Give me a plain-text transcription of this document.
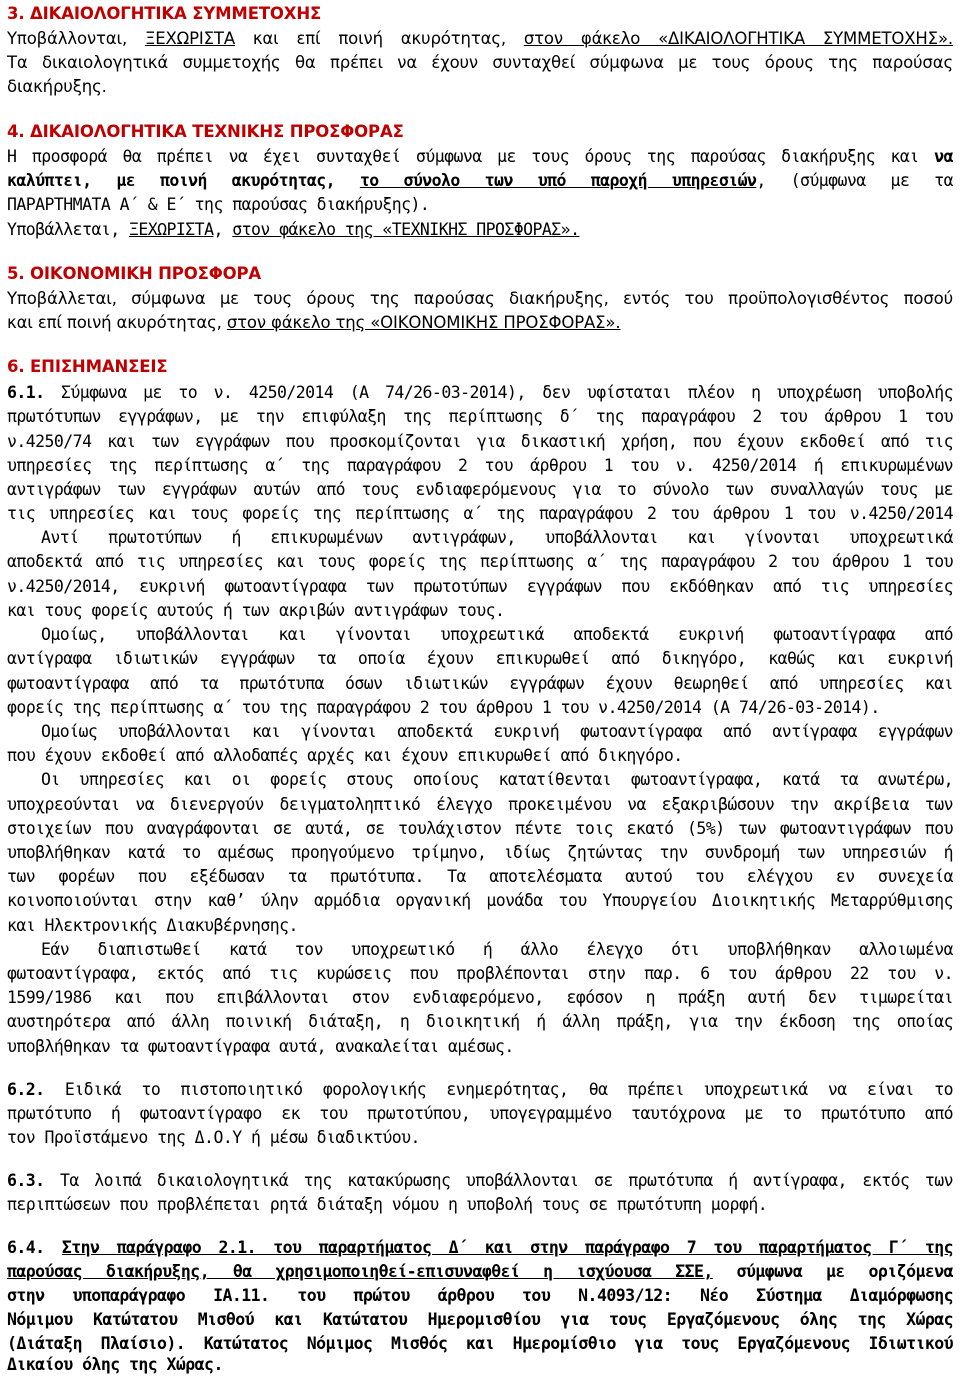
3. ΔΙΚΑΙΟΛΟΓΗΤΙΚΑ ΣΥΜΜΕΤΟΧΗΣ
Υποβάλλονται, ΞΕΧΩΡΙΣΤΑ και επί ποινή ακυρότητας, στον φάκελο «ΔΙΚΑΙΟΛΟΓΗΤΙΚΑ ΣΥΜΜΕΤΟΧΗΣ».
Τα δικαιολογητικά συμμετοχής θα πρέπει να έχουν συνταχθεί σύμφωνα με τους όρους της παρούσας
διακήρυξης.
4. ΔΙΚΑΙΟΛΟΓΗΤΙΚΑ ΤΕΧΝΙΚΗΣ ΠΡΟΣΦΟΡΑΣ
Η προσφορά θα πρέπει να έχει συνταχθεί σύμφωνα με τους όρους της παρούσας διακήρυξης και να
καλύπτει, με ποινή ακυρότητας, το σύνολο των υπό παροχή υπηρεσιών, (σύμφωνα με τα
ΠΑΡΑΡΤΗΜΑΤΑ Α΄ & Ε΄ της παρούσας διακήρυξης).
Υποβάλλεται, ΞΕΧΩΡΙΣΤΑ, στον φάκελο της «ΤΕΧΝΙΚΗΣ ΠΡΟΣΦΟΡΑΣ».
5. ΟΙΚΟΝΟΜΙΚΗ ΠΡΟΣΦΟΡΑ
Υποβάλλεται, σύμφωνα με τους όρους της παρούσας διακήρυξης, εντός του προϋπολογισθέντος ποσού
και επί ποινή ακυρότητας, στον φάκελο της «ΟΙΚΟΝΟΜΙΚΗΣ ΠΡΟΣΦΟΡΑΣ».
6. ΕΠΙΣΗΜΑΝΣΕΙΣ
6.1. Σύμφωνα με το ν. 4250/2014 (Α 74/26-03-2014), δεν υφίσταται πλέον η υποχρέωση υποβολής
πρωτότυπων εγγράφων, με την επιφύλαξη της περίπτωσης δ΄ της παραγράφου 2 του άρθρου 1 του
ν.4250/74 και των εγγράφων που προσκομίζονται για δικαστική χρήση, που έχουν εκδοθεί από τις
υπηρεσίες της περίπτωσης α΄ της παραγράφου 2 του άρθρου 1 του ν. 4250/2014 ή επικυρωμένων
αντιγράφων των εγγράφων αυτών από τους ενδιαφερόμενους για το σύνολο των συναλλαγών τους με
τις υπηρεσίες και τους φορείς της περίπτωσης α΄ της παραγράφου 2 του άρθρου 1 του ν.4250/2014
Αντί πρωτοτύπων ή επικυρωμένων αντιγράφων, υποβάλλονται και γίνονται υποχρεωτικά
αποδεκτά από τις υπηρεσίες και τους φορείς της περίπτωσης α΄ της παραγράφου 2 του άρθρου 1 του
ν.4250/2014, ευκρινή φωτοαντίγραφα των πρωτοτύπων εγγράφων που εκδόθηκαν από τις υπηρεσίες
και τους φορείς αυτούς ή των ακριβών αντιγράφων τους.
Ομοίως, υποβάλλονται και γίνονται υποχρεωτικά αποδεκτά ευκρινή φωτοαντίγραφα από
αντίγραφα ιδιωτικών εγγράφων τα οποία έχουν επικυρωθεί από δικηγόρο, καθώς και ευκρινή
φωτοαντίγραφα από τα πρωτότυπα όσων ιδιωτικών εγγράφων έχουν θεωρηθεί από υπηρεσίες και
φορείς της περίπτωσης α΄ του της παραγράφου 2 του άρθρου 1 του ν.4250/2014 (Α 74/26-03-2014).
Ομοίως υποβάλλονται και γίνονται αποδεκτά ευκρινή φωτοαντίγραφα από αντίγραφα εγγράφων
που έχουν εκδοθεί από αλλοδαπές αρχές και έχουν επικυρωθεί από δικηγόρο.
Οι υπηρεσίες και οι φορείς στους οποίους κατατίθενται φωτοαντίγραφα, κατά τα ανωτέρω,
υποχρεούνται να διενεργούν δειγματοληπτικό έλεγχο προκειμένου να εξακριβώσουν την ακρίβεια των
στοιχείων που αναγράφονται σε αυτά, σε τουλάχιστον πέντε τοις εκατό (5%) των φωτοαντιγράφων που
υποβλήθηκαν κατά το αμέσως προηγούμενο τρίμηνο, ιδίως ζητώντας την συνδρομή των υπηρεσιών ή
των φορέων που εξέδωσαν τα πρωτότυπα. Τα αποτελέσματα αυτού του ελέγχου εν συνεχεία
κοινοποιούνται στην καθ’ ύλην αρμόδια οργανική μονάδα του Υπουργείου Διοικητικής Μεταρρύθμισης
και Ηλεκτρονικής Διακυβέρνησης.
Εάν διαπιστωθεί κατά τον υποχρεωτικό ή άλλο έλεγχο ότι υποβλήθηκαν αλλοιωμένα
φωτοαντίγραφα, εκτός από τις κυρώσεις που προβλέπονται στην παρ. 6 του άρθρου 22 του ν.
1599/1986 και που επιβάλλονται στον ενδιαφερόμενο, εφόσον η πράξη αυτή δεν τιμωρείται
αυστηρότερα από άλλη ποινική διάταξη, η διοικητική ή άλλη πράξη, για την έκδοση της οποίας
υποβλήθηκαν τα φωτοαντίγραφα αυτά, ανακαλείται αμέσως.
6.2. Ειδικά το πιστοποιητικό φορολογικής ενημερότητας, θα πρέπει υποχρεωτικά να είναι το
πρωτότυπο ή φωτοαντίγραφο εκ του πρωτοτύπου, υπογεγραμμένο ταυτόχρονα με το πρωτότυπο από
τον Προϊστάμενο της Δ.Ο.Υ ή μέσω διαδικτύου.
6.3. Τα λοιπά δικαιολογητικά της κατακύρωσης υποβάλλονται σε πρωτότυπα ή αντίγραφα, εκτός των
περιπτώσεων που προβλέπεται ρητά διάταξη νόμου η υποβολή τους σε πρωτότυπη μορφή.
6.4. Στην παράγραφο 2.1. του παραρτήματος Δ΄ και στην παράγραφο 7 του παραρτήματος Γ΄ της
παρούσας διακήρυξης, θα χρησιμοποιηθεί-επισυναφθεί η ισχύουσα ΣΣΕ, σύμφωνα με οριζόμενα
στην υποπαράγραφο ΙΑ.11. του πρώτου άρθρου του Ν.4093/12: Νέο Σύστημα Διαμόρφωσης
Νόμιμου Κατώτατου Μισθού και Κατώτατου Ημερομισθίου για τους Εργαζόμενους όλης της Χώρας
(Διάταξη Πλαίσιο). Κατώτατος Νόμιμος Μισθός και Ημερομίσθιο για τους Εργαζόμενους Ιδιωτικού
Δικαίου όλης της Χώρας.
